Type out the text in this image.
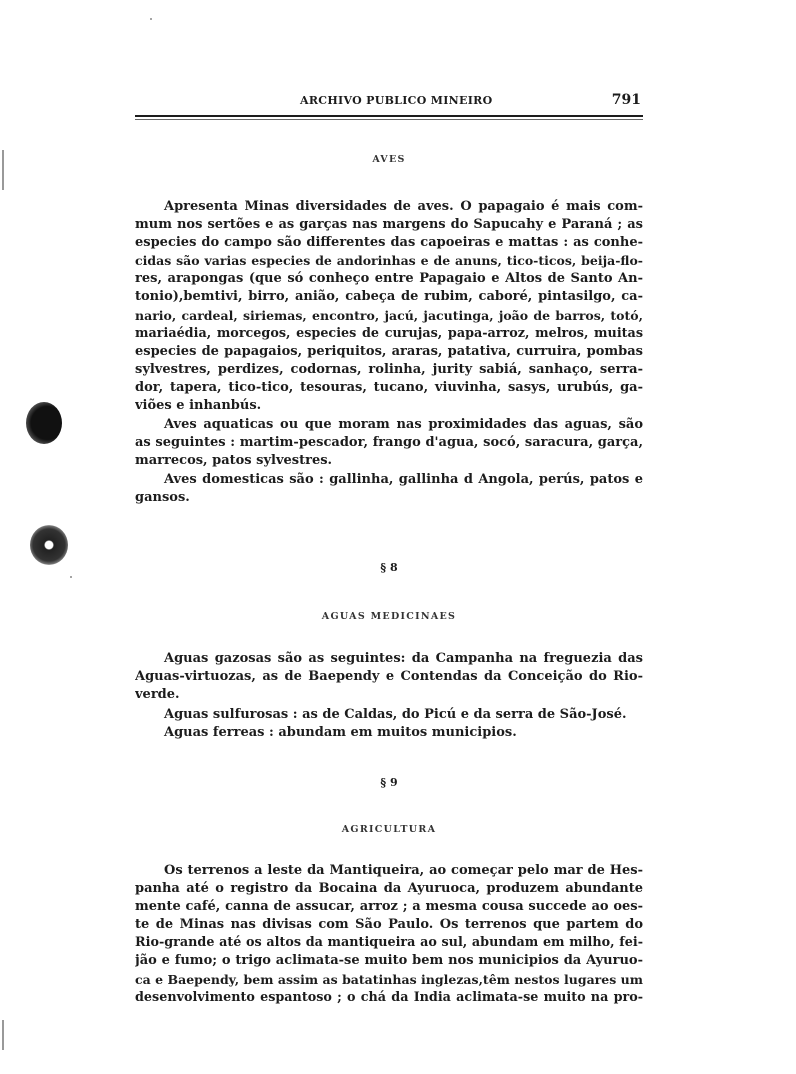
ARCHIVO PUBLICO MINEIRO	791
AVES
Apresenta Minas diversidades de aves. O papagaio é mais com-
mum nos sertões e as garças nas margens do Sapucahy e Paraná ; as
especies do campo são differentes das capoeiras e mattas : as conhe-
cidas são varias especies de andorinhas e de anuns, tico-ticos, beija-flo-
res, arapongas (que só conheço entre Papagaio e Altos de Santo An-
tonio),bemtivi, birro, anião, cabeça de rubim, caboré, pintasilgo, ca-
nario, cardeal, siriemas, encontro, jacú, jacutinga, joão de barros, totó,
mariaédia, morcegos, especies de curujas, papa-arroz, melros, muitas
especies de papagaios, periquitos, araras, patativa, curruira, pombas
sylvestres, perdizes, codornas, rolinha, jurity sabiá, sanhaço, serra-
dor, tapera, tico-tico, tesouras, tucano, viuvinha, sasys, urubús, ga-
viões e inhanbús.
Aves aquaticas ou que moram nas proximidades das aguas, são
as seguintes : martim-pescador, frango d'agua, socó, saracura, garça,
marrecos, patos sylvestres.
Aves domesticas são : gallinha, gallinha d Angola, perús, patos e
gansos.
§ 8
AGUAS MEDICINAES
Aguas gazosas são as seguintes: da Campanha na freguezia das
Aguas-virtuozas, as de Baependy e Contendas da Conceição do Rio-
verde.
Aguas sulfurosas : as de Caldas, do Picú e da serra de São-José.
Aguas ferreas : abundam em muitos municipios.
§ 9
AGRICULTURA
Os terrenos a leste da Mantiqueira, ao começar pelo mar de Hes-
panha até o registro da Bocaina da Ayuruoca, produzem abundante
mente café, canna de assucar, arroz ; a mesma cousa succede ao oes-
te de Minas nas divisas com São Paulo. Os terrenos que partem do
Rio-grande até os altos da mantiqueira ao sul, abundam em milho, fei-
jão e fumo; o trigo aclimata-se muito bem nos municipios da Ayuruo-
ca e Baependy, bem assim as batatinhas inglezas,têm nestos lugares um
desenvolvimento espantoso ; o chá da India aclimata-se muito na pro-
